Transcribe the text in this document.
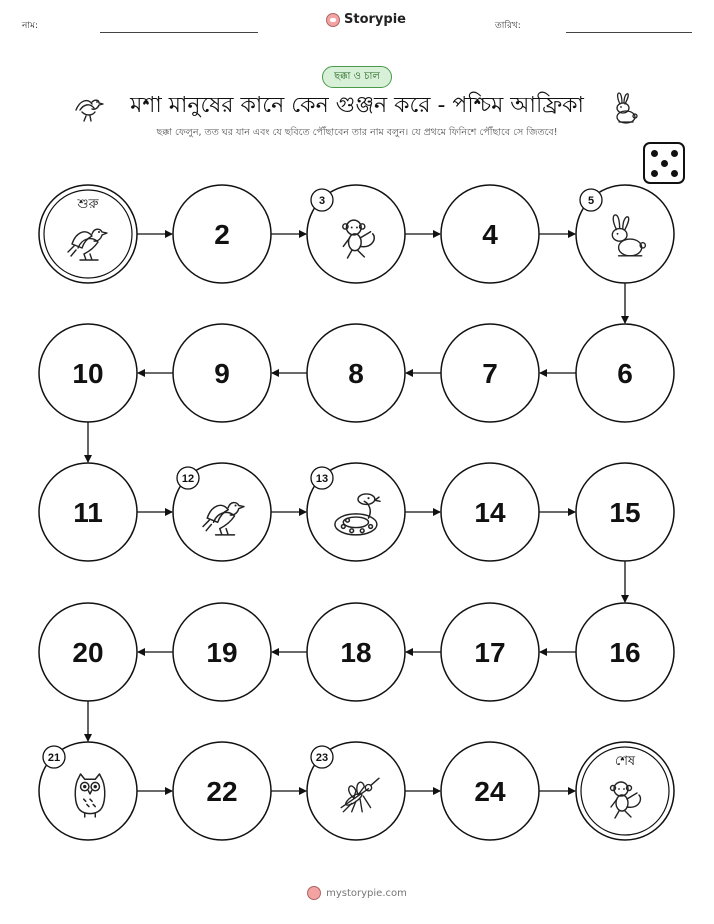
নাম:	Storypie	তারিখ:
ছক্কা ও চাল
মশা মানুষের কানে কেন গুঞ্জন করে - পশ্চিম আফ্রিকা
ছক্কা ফেলুন, তত ঘর যান এবং যে ছবিতে পৌঁছাবেন তার নাম বলুন। যে প্রথমে ফিনিশে পৌঁছাবে সে জিতবে!
শুরু
2
3
4
5
6
7
8
9
10
11
12	13
14	15
16
17
18
19
20
21
22
23
24
শেষ
mystorypie.com
